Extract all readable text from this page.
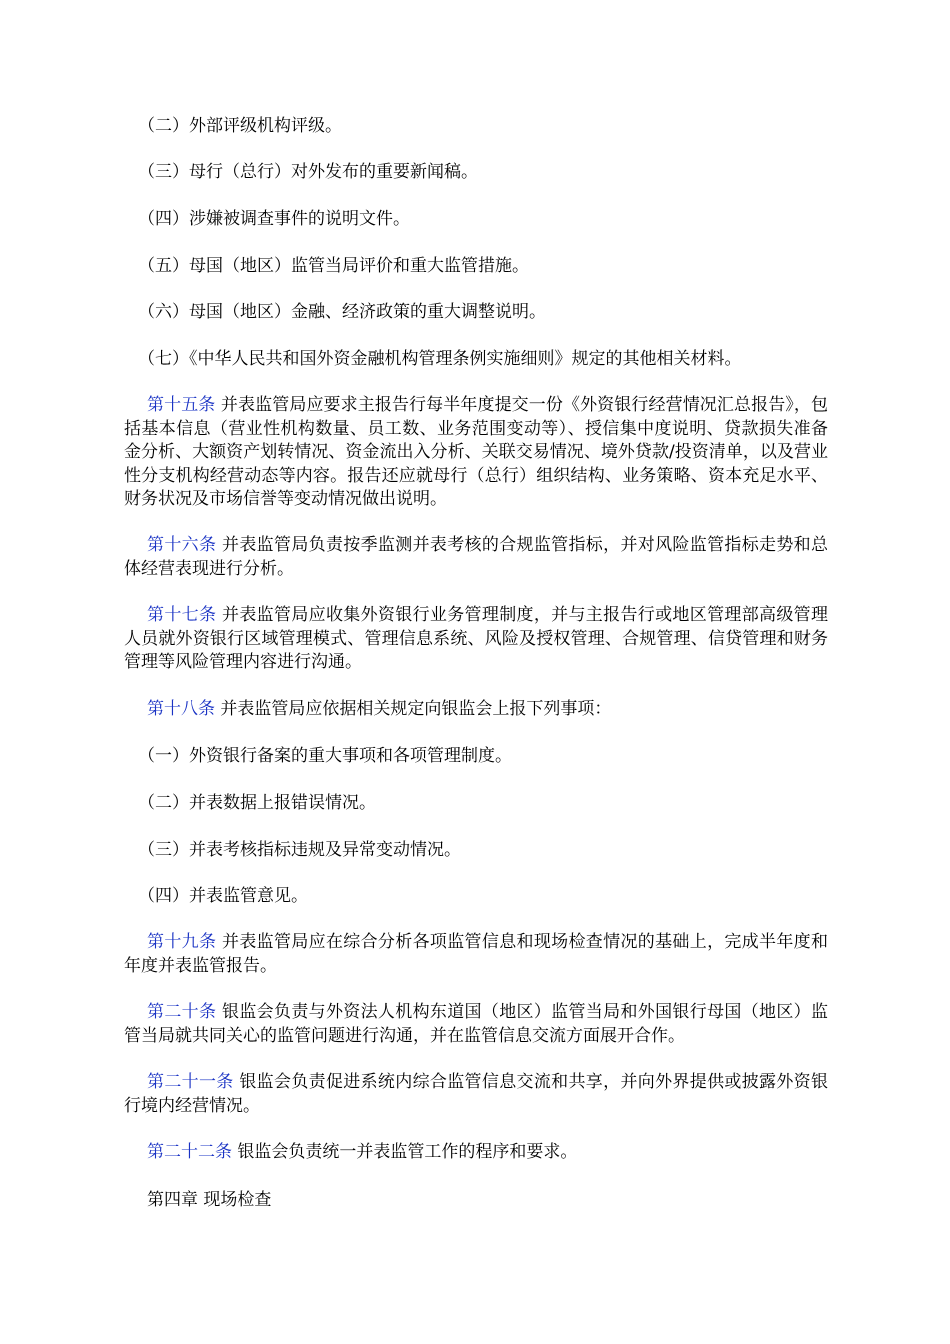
（二）外部评级机构评级。
（三）母行（总行）对外发布的重要新闻稿。
（四）涉嫌被调查事件的说明文件。
（五）母国（地区）监管当局评价和重大监管措施。
（六）母国（地区）金融、经济政策的重大调整说明。
（七）《中华人民共和国外资金融机构管理条例实施细则》规定的其他相关材料。

第十五条 并表监管局应要求主报告行每半年度提交一份《外资银行经营情况汇总报告》，包括基本信息（营业性机构数量、员工数、业务范围变动等）、授信集中度说明、贷款损失准备金分析、大额资产划转情况、资金流出入分析、关联交易情况、境外贷款/投资清单，以及营业性分支机构经营动态等内容。报告还应就母行（总行）组织结构、业务策略、资本充足水平、财务状况及市场信誉等变动情况做出说明。

第十六条 并表监管局负责按季监测并表考核的合规监管指标，并对风险监管指标走势和总体经营表现进行分析。

第十七条 并表监管局应收集外资银行业务管理制度，并与主报告行或地区管理部高级管理人员就外资银行区域管理模式、管理信息系统、风险及授权管理、合规管理、信贷管理和财务管理等风险管理内容进行沟通。

第十八条 并表监管局应依据相关规定向银监会上报下列事项：

（一）外资银行备案的重大事项和各项管理制度。
（二）并表数据上报错误情况。
（三）并表考核指标违规及异常变动情况。
（四）并表监管意见。

第十九条 并表监管局应在综合分析各项监管信息和现场检查情况的基础上，完成半年度和年度并表监管报告。

第二十条 银监会负责与外资法人机构东道国（地区）监管当局和外国银行母国（地区）监管当局就共同关心的监管问题进行沟通，并在监管信息交流方面展开合作。

第二十一条 银监会负责促进系统内综合监管信息交流和共享，并向外界提供或披露外资银行境内经营情况。

第二十二条 银监会负责统一并表监管工作的程序和要求。

第四章 现场检查
